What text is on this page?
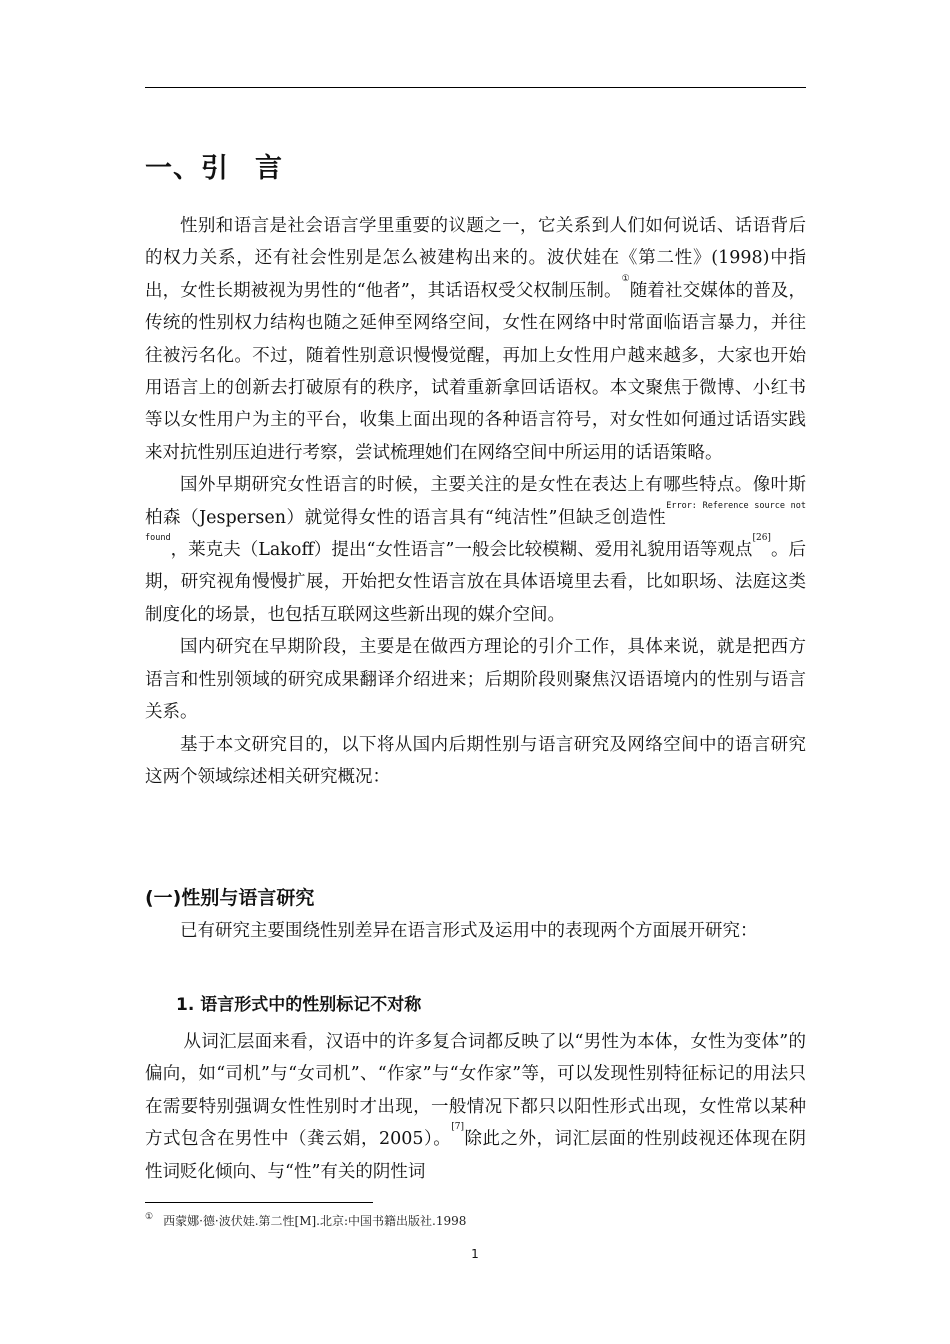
一、引 言

性别和语言是社会语言学里重要的议题之一，它关系到人们如何说话、话语背后的权力关系，还有社会性别是怎么被建构出来的。波伏娃在《第二性》(1998)中指出，女性长期被视为男性的“他者”，其话语权受父权制压制。①随着社交媒体的普及，传统的性别权力结构也随之延伸至网络空间，女性在网络中时常面临语言暴力，并往往被污名化。不过，随着性别意识慢慢觉醒，再加上女性用户越来越多，大家也开始用语言上的创新去打破原有的秩序，试着重新拿回话语权。本文聚焦于微博、小红书等以女性用户为主的平台，收集上面出现的各种语言符号，对女性如何通过话语实践来对抗性别压迫进行考察，尝试梳理她们在网络空间中所运用的话语策略。

国外早期研究女性语言的时候，主要关注的是女性在表达上有哪些特点。像叶斯柏森（Jespersen）就觉得女性的语言具有“纯洁性”但缺乏创造性$^{Error: Reference source not found}$，莱克夫（Lakoff）提出“女性语言”一般会比较模糊、爱用礼貌用语等观点[26]。后期，研究视角慢慢扩展，开始把女性语言放在具体语境里去看，比如职场、法庭这类制度化的场景，也包括互联网这些新出现的媒介空间。

国内研究在早期阶段，主要是在做西方理论的引介工作，具体来说，就是把西方语言和性别领域的研究成果翻译介绍进来；后期阶段则聚焦汉语语境内的性别与语言关系。

基于本文研究目的，以下将从国内后期性别与语言研究及网络空间中的语言研究这两个领域综述相关研究概况：

(一)性别与语言研究

已有研究主要围绕性别差异在语言形式及运用中的表现两个方面展开研究：

1. 语言形式中的性别标记不对称

从词汇层面来看，汉语中的许多复合词都反映了以“男性为本体，女性为变体”的偏向，如“司机”与“女司机”、“作家”与“女作家”等，可以发现性别特征标记的用法只在需要特别强调女性性别时才出现，一般情况下都只以阳性形式出现，女性常以某种方式包含在男性中（龚云娟，2005）。[7]除此之外，词汇层面的性别歧视还体现在阴性词贬化倾向、与“性”有关的阴性词

① 西蒙娜·德·波伏娃.第二性[M].北京:中国书籍出版社.1998
1
